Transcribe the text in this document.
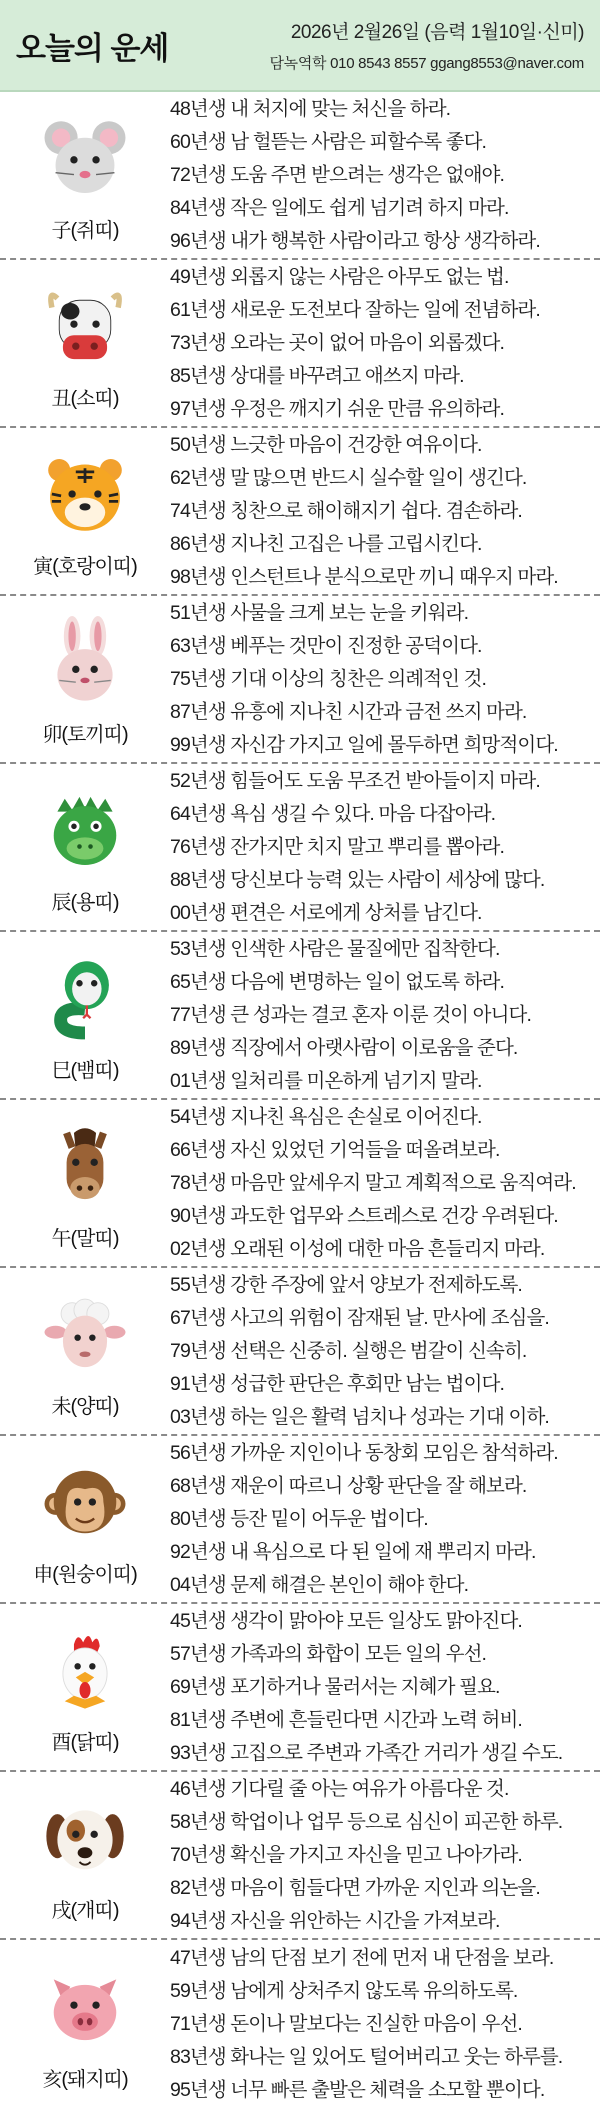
오늘의 운세	2026년 2월26일 (음력 1월10일·신미)
담녹역학 010 8543 8557 ggang8553@naver.com
子(쥐띠)
48년생 내 처지에 맞는 처신을 하라.
60년생 남 헐뜯는 사람은 피할수록 좋다.
72년생 도움 주면 받으려는 생각은 없애야.
84년생 작은 일에도 쉽게 넘기려 하지 마라.
96년생 내가 행복한 사람이라고 항상 생각하라.
丑(소띠)
49년생 외롭지 않는 사람은 아무도 없는 법.
61년생 새로운 도전보다 잘하는 일에 전념하라.
73년생 오라는 곳이 없어 마음이 외롭겠다.
85년생 상대를 바꾸려고 애쓰지 마라.
97년생 우정은 깨지기 쉬운 만큼 유의하라.
寅(호랑이띠)
50년생 느긋한 마음이 건강한 여유이다.
62년생 말 많으면 반드시 실수할 일이 생긴다.
74년생 칭찬으로 해이해지기 쉽다. 겸손하라.
86년생 지나친 고집은 나를 고립시킨다.
98년생 인스턴트나 분식으로만 끼니 때우지 마라.
卯(토끼띠)
51년생 사물을 크게 보는 눈을 키워라.
63년생 베푸는 것만이 진정한 공덕이다.
75년생 기대 이상의 칭찬은 의례적인 것.
87년생 유흥에 지나친 시간과 금전 쓰지 마라.
99년생 자신감 가지고 일에 몰두하면 희망적이다.
辰(용띠)
52년생 힘들어도 도움 무조건 받아들이지 마라.
64년생 욕심 생길 수 있다. 마음 다잡아라.
76년생 잔가지만 치지 말고 뿌리를 뽑아라.
88년생 당신보다 능력 있는 사람이 세상에 많다.
00년생 편견은 서로에게 상처를 남긴다.
巳(뱀띠)
53년생 인색한 사람은 물질에만 집착한다.
65년생 다음에 변명하는 일이 없도록 하라.
77년생 큰 성과는 결코 혼자 이룬 것이 아니다.
89년생 직장에서 아랫사람이 이로움을 준다.
01년생 일처리를 미온하게 넘기지 말라.
午(말띠)
54년생 지나친 욕심은 손실로 이어진다.
66년생 자신 있었던 기억들을 떠올려보라.
78년생 마음만 앞세우지 말고 계획적으로 움직여라.
90년생 과도한 업무와 스트레스로 건강 우려된다.
02년생 오래된 이성에 대한 마음 흔들리지 마라.
未(양띠)
55년생 강한 주장에 앞서 양보가 전제하도록.
67년생 사고의 위험이 잠재된 날. 만사에 조심을.
79년생 선택은 신중히. 실행은 범갈이 신속히.
91년생 성급한 판단은 후회만 남는 법이다.
03년생 하는 일은 활력 넘치나 성과는 기대 이하.
申(원숭이띠)
56년생 가까운 지인이나 동창회 모임은 참석하라.
68년생 재운이 따르니 상황 판단을 잘 해보라.
80년생 등잔 밑이 어두운 법이다.
92년생 내 욕심으로 다 된 일에 재 뿌리지 마라.
04년생 문제 해결은 본인이 해야 한다.
酉(닭띠)
45년생 생각이 맑아야 모든 일상도 맑아진다.
57년생 가족과의 화합이 모든 일의 우선.
69년생 포기하거나 물러서는 지혜가 필요.
81년생 주변에 흔들린다면 시간과 노력 허비.
93년생 고집으로 주변과 가족간 거리가 생길 수도.
戌(개띠)
46년생 기다릴 줄 아는 여유가 아름다운 것.
58년생 학업이나 업무 등으로 심신이 피곤한 하루.
70년생 확신을 가지고 자신을 믿고 나아가라.
82년생 마음이 힘들다면 가까운 지인과 의논을.
94년생 자신을 위안하는 시간을 가져보라.
亥(돼지띠)
47년생 남의 단점 보기 전에 먼저 내 단점을 보라.
59년생 남에게 상처주지 않도록 유의하도록.
71년생 돈이나 말보다는 진실한 마음이 우선.
83년생 화나는 일 있어도 털어버리고 웃는 하루를.
95년생 너무 빠른 출발은 체력을 소모할 뿐이다.
